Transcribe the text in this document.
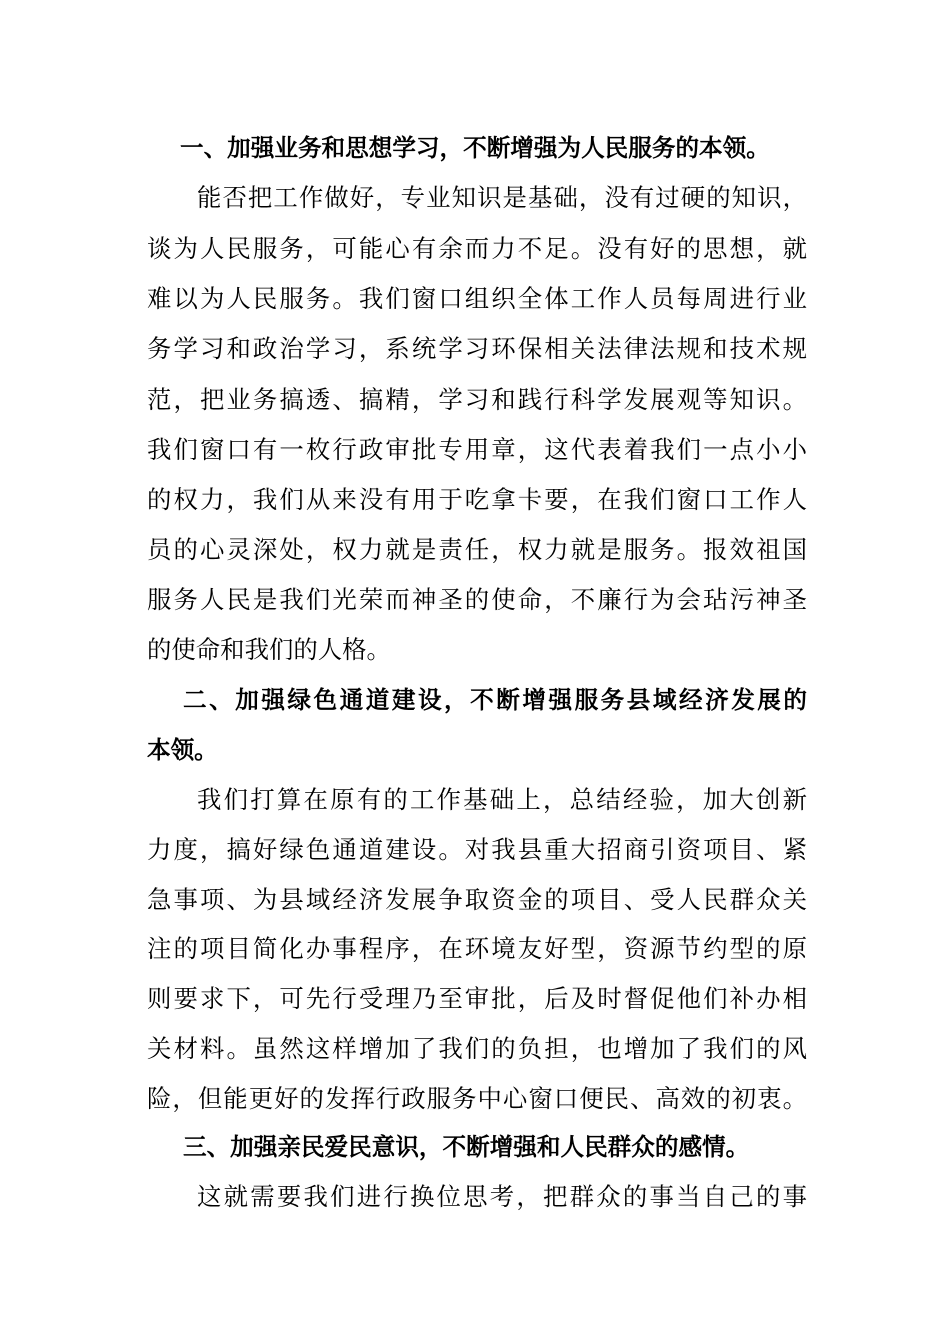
一、加强业务和思想学习，不断增强为人民服务的本领。
能否把工作做好，专业知识是基础，没有过硬的知识，
谈为人民服务，可能心有余而力不足。没有好的思想，就
难以为人民服务。我们窗口组织全体工作人员每周进行业
务学习和政治学习，系统学习环保相关法律法规和技术规
范，把业务搞透、搞精，学习和践行科学发展观等知识。
我们窗口有一枚行政审批专用章，这代表着我们一点小小
的权力，我们从来没有用于吃拿卡要，在我们窗口工作人
员的心灵深处，权力就是责任，权力就是服务。报效祖国
服务人民是我们光荣而神圣的使命，不廉行为会玷污神圣
的使命和我们的人格。
二、加强绿色通道建设，不断增强服务县域经济发展的
本领。
我们打算在原有的工作基础上，总结经验，加大创新
力度，搞好绿色通道建设。对我县重大招商引资项目、紧
急事项、为县域经济发展争取资金的项目、受人民群众关
注的项目简化办事程序，在环境友好型，资源节约型的原
则要求下，可先行受理乃至审批，后及时督促他们补办相
关材料。虽然这样增加了我们的负担，也增加了我们的风
险，但能更好的发挥行政服务中心窗口便民、高效的初衷。
三、加强亲民爱民意识，不断增强和人民群众的感情。
这就需要我们进行换位思考，把群众的事当自己的事
